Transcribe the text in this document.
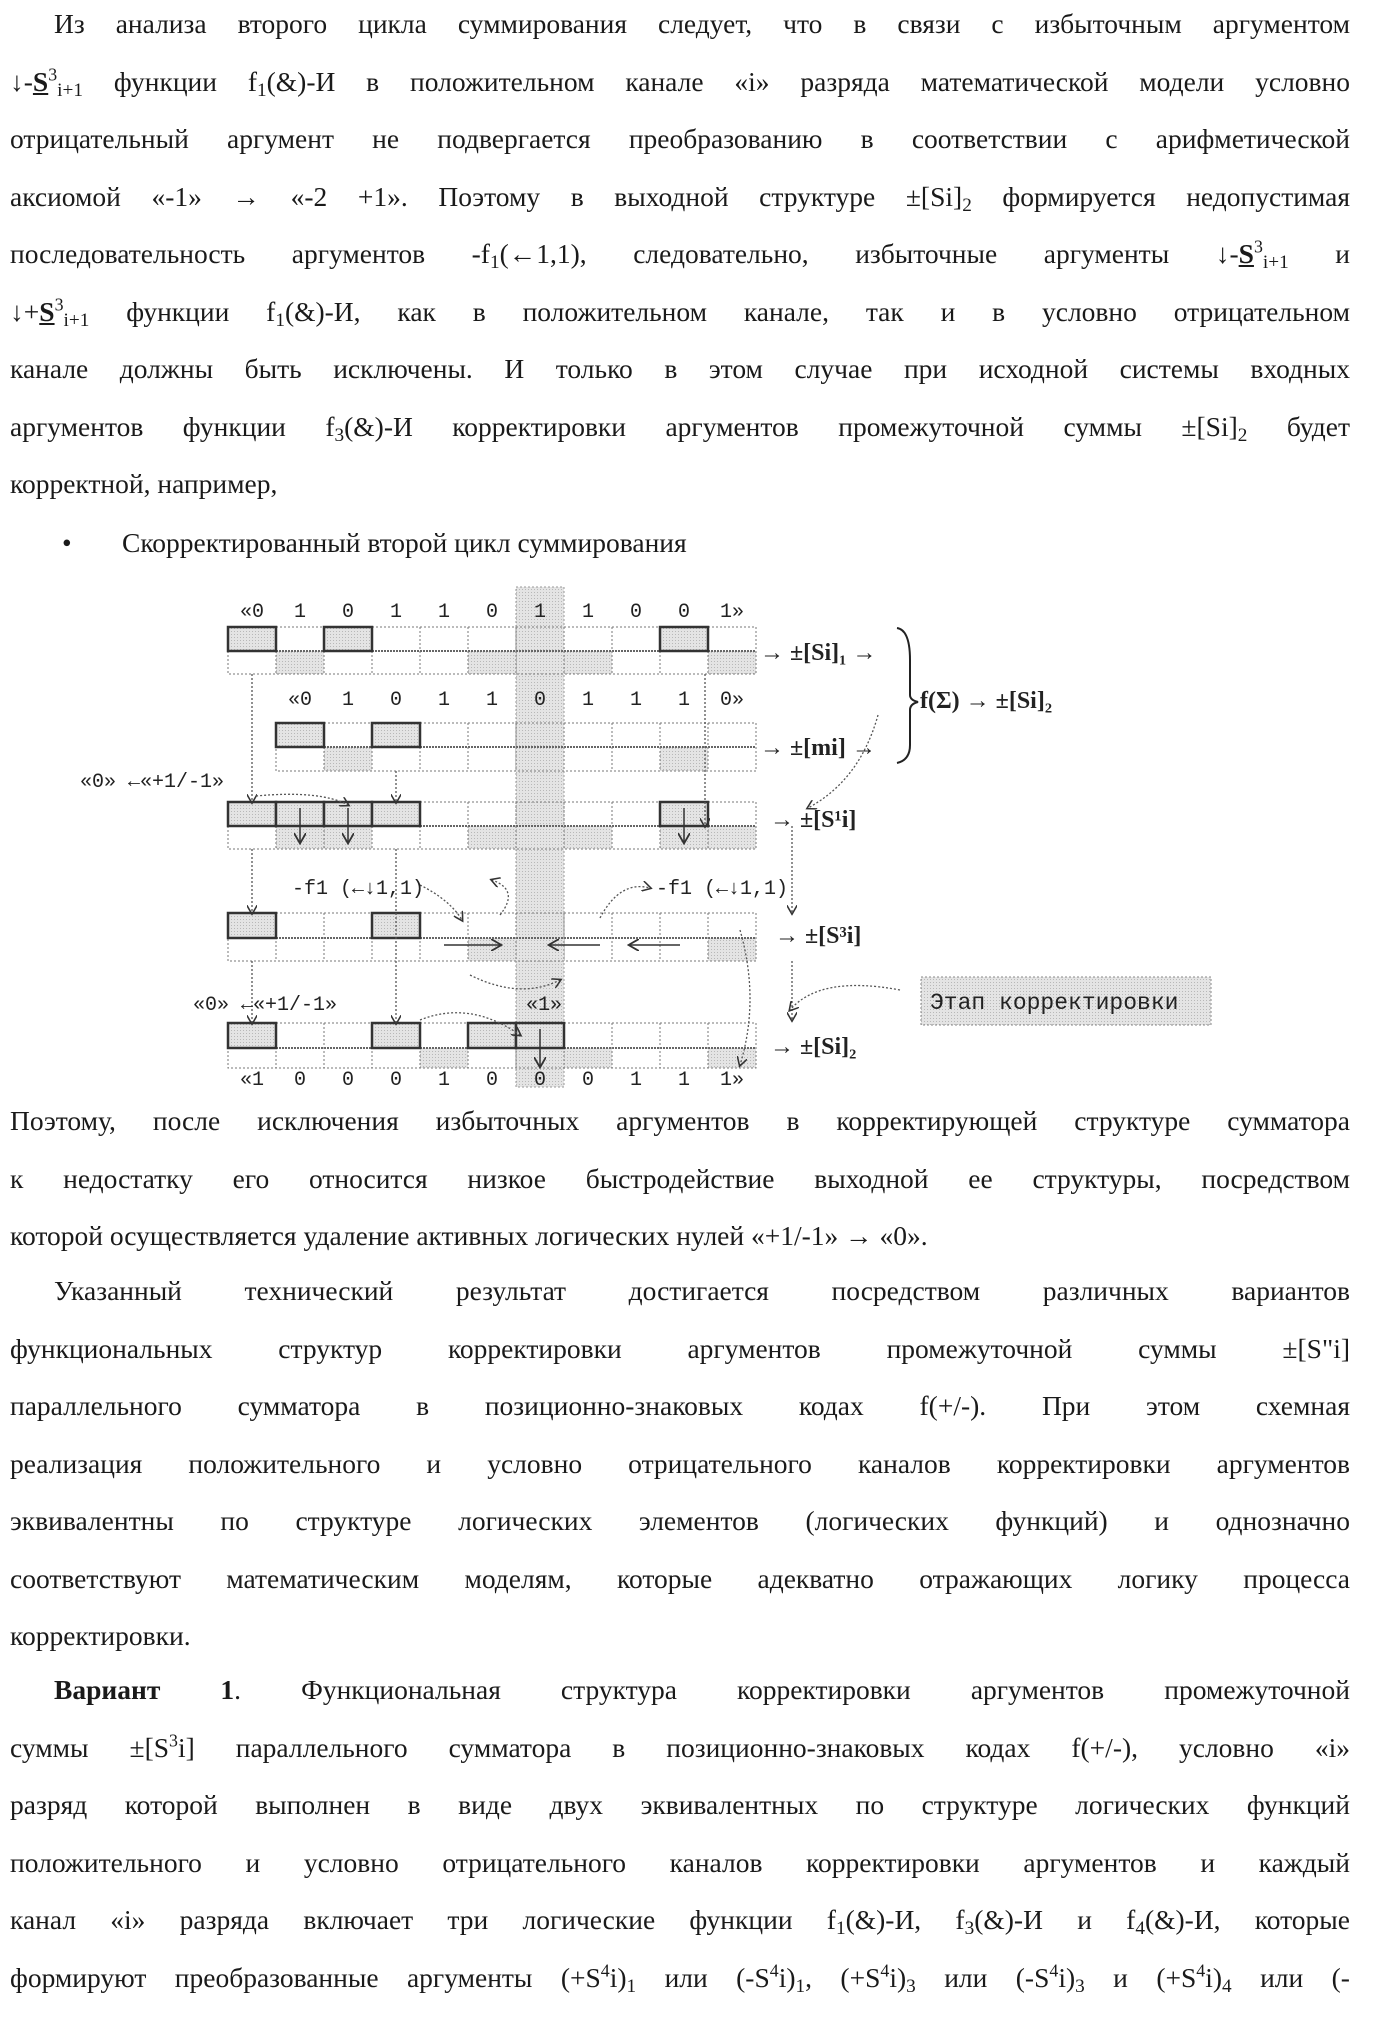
Из анализа второго цикла суммирования следует, что в связи с избыточным аргументом
↓-S3i+1 функции f1(&)-И в положительном канале «i» разряда математической модели условно
отрицательный аргумент не подвергается преобразованию в соответствии с арифметической
аксиомой «-1» → «-2 +1». Поэтому в выходной структуре ±[Si]2 формируется недопустимая
последовательность аргументов -f1(←1,1), следовательно, избыточные аргументы ↓-S3i+1 и
↓+S3i+1 функции f1(&)-И, как в положительном канале, так и в условно отрицательном
канале должны быть исключены. И только в этом случае при исходной системы входных
аргументов функции f3(&)-И корректировки аргументов промежуточной суммы ±[Si]2 будет
корректной, например,
• Скорректированный второй цикл суммирования
«0 1 0 1 1 0 1 1 0 0 1»
«0 1 0 1 1 0 1 1 1 0»
«1 0 0 0 1 0 0 0 1 1 1»
→ ±[Si]₁ →
f(Σ) → ±[Si]₂
→ ±[mi] →
→ ±[S¹i]
→ ±[S³i]
→ ±[Si]₂
«0» ←«+1/-1»
«0» ←«+1/-1»
-f1 (←↓1,1)	-f1 (←↓1,1)
«1»	Этап корректировки
Поэтому, после исключения избыточных аргументов в корректирующей структуре сумматора
к недостатку его относится низкое быстродействие выходной ее структуры, посредством
которой осуществляется удаление активных логических нулей «+1/-1» → «0».
Указанный технический результат достигается посредством различных вариантов
функциональных структур корректировки аргументов промежуточной суммы ±[S"i]
параллельного сумматора в позиционно-знаковых кодах f(+/-). При этом схемная
реализация положительного и условно отрицательного каналов корректировки аргументов
эквивалентны по структуре логических элементов (логических функций) и однозначно
соответствуют математическим моделям, которые адекватно отражающих логику процесса
корректировки.
Вариант 1. Функциональная структура корректировки аргументов промежуточной
суммы ±[S3i] параллельного сумматора в позиционно-знаковых кодах f(+/-), условно «i»
разряд которой выполнен в виде двух эквивалентных по структуре логических функций
положительного и условно отрицательного каналов корректировки аргументов и каждый
канал «i» разряда включает три логические функции f1(&)-И, f3(&)-И и f4(&)-И, которые
формируют преобразованные аргументы (+S4i)1 или (-S4i)1, (+S4i)3 или (-S4i)3 и (+S4i)4 или (-
